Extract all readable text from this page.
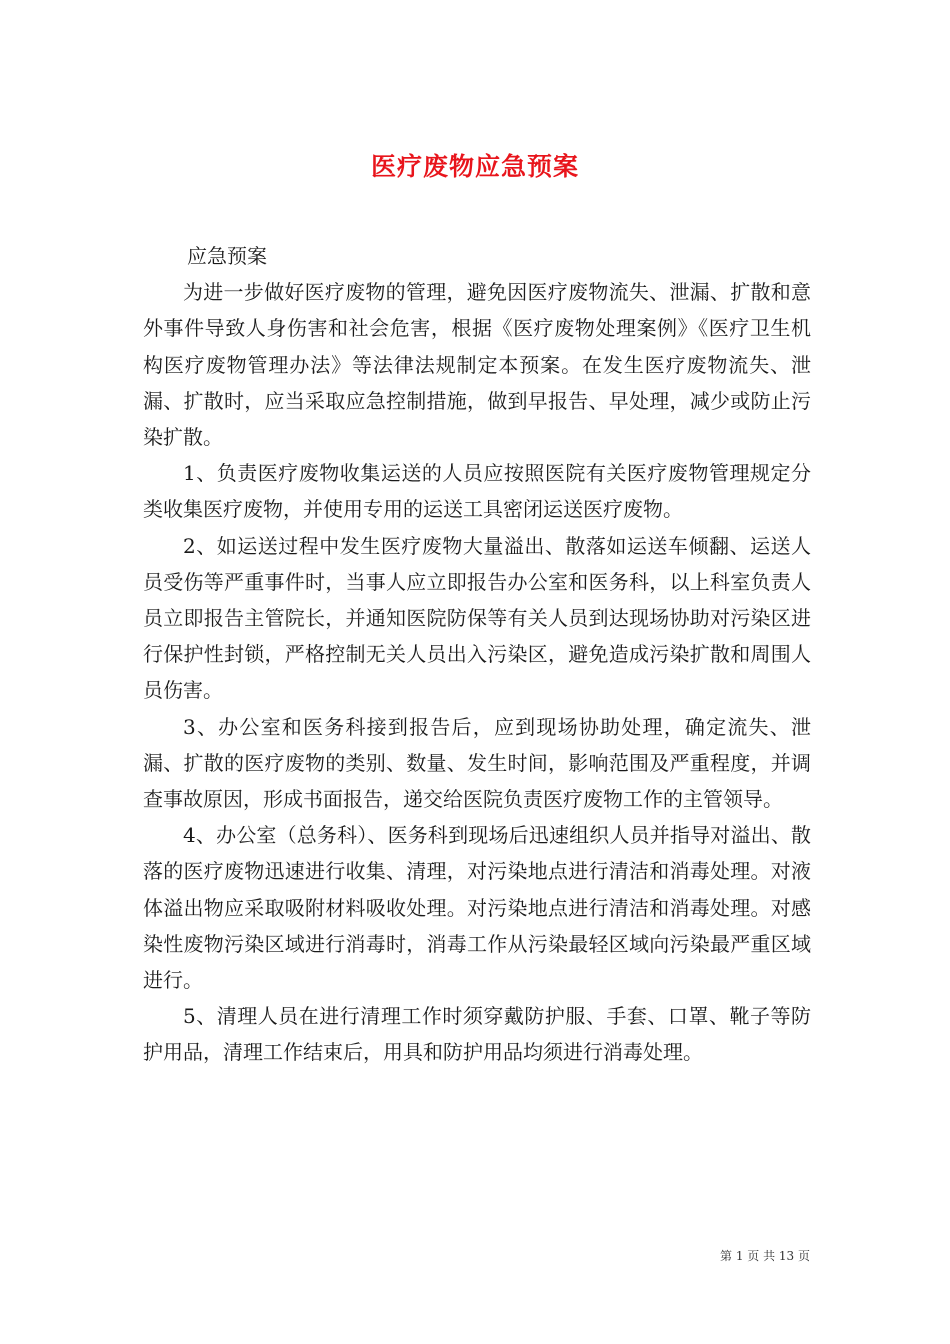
医疗废物应急预案

应急预案

为进一步做好医疗废物的管理，避免因医疗废物流失、泄漏、扩散和意外事件导致人身伤害和社会危害，根据《医疗废物处理案例》《医疗卫生机构医疗废物管理办法》等法律法规制定本预案。在发生医疗废物流失、泄漏、扩散时，应当采取应急控制措施，做到早报告、早处理，减少或防止污染扩散。

1、负责医疗废物收集运送的人员应按照医院有关医疗废物管理规定分类收集医疗废物，并使用专用的运送工具密闭运送医疗废物。

2、如运送过程中发生医疗废物大量溢出、散落如运送车倾翻、运送人员受伤等严重事件时，当事人应立即报告办公室和医务科，以上科室负责人员立即报告主管院长，并通知医院防保等有关人员到达现场协助对污染区进行保护性封锁，严格控制无关人员出入污染区，避免造成污染扩散和周围人员伤害。

3、办公室和医务科接到报告后，应到现场协助处理，确定流失、泄漏、扩散的医疗废物的类别、数量、发生时间，影响范围及严重程度，并调查事故原因，形成书面报告，递交给医院负责医疗废物工作的主管领导。

4、办公室（总务科）、医务科到现场后迅速组织人员并指导对溢出、散落的医疗废物迅速进行收集、清理，对污染地点进行清洁和消毒处理。对液体溢出物应采取吸附材料吸收处理。对污染地点进行清洁和消毒处理。对感染性废物污染区域进行消毒时，消毒工作从污染最轻区域向污染最严重区域进行。

5、清理人员在进行清理工作时须穿戴防护服、手套、口罩、靴子等防护用品，清理工作结束后，用具和防护用品均须进行消毒处理。

第 1 页 共 13 页
